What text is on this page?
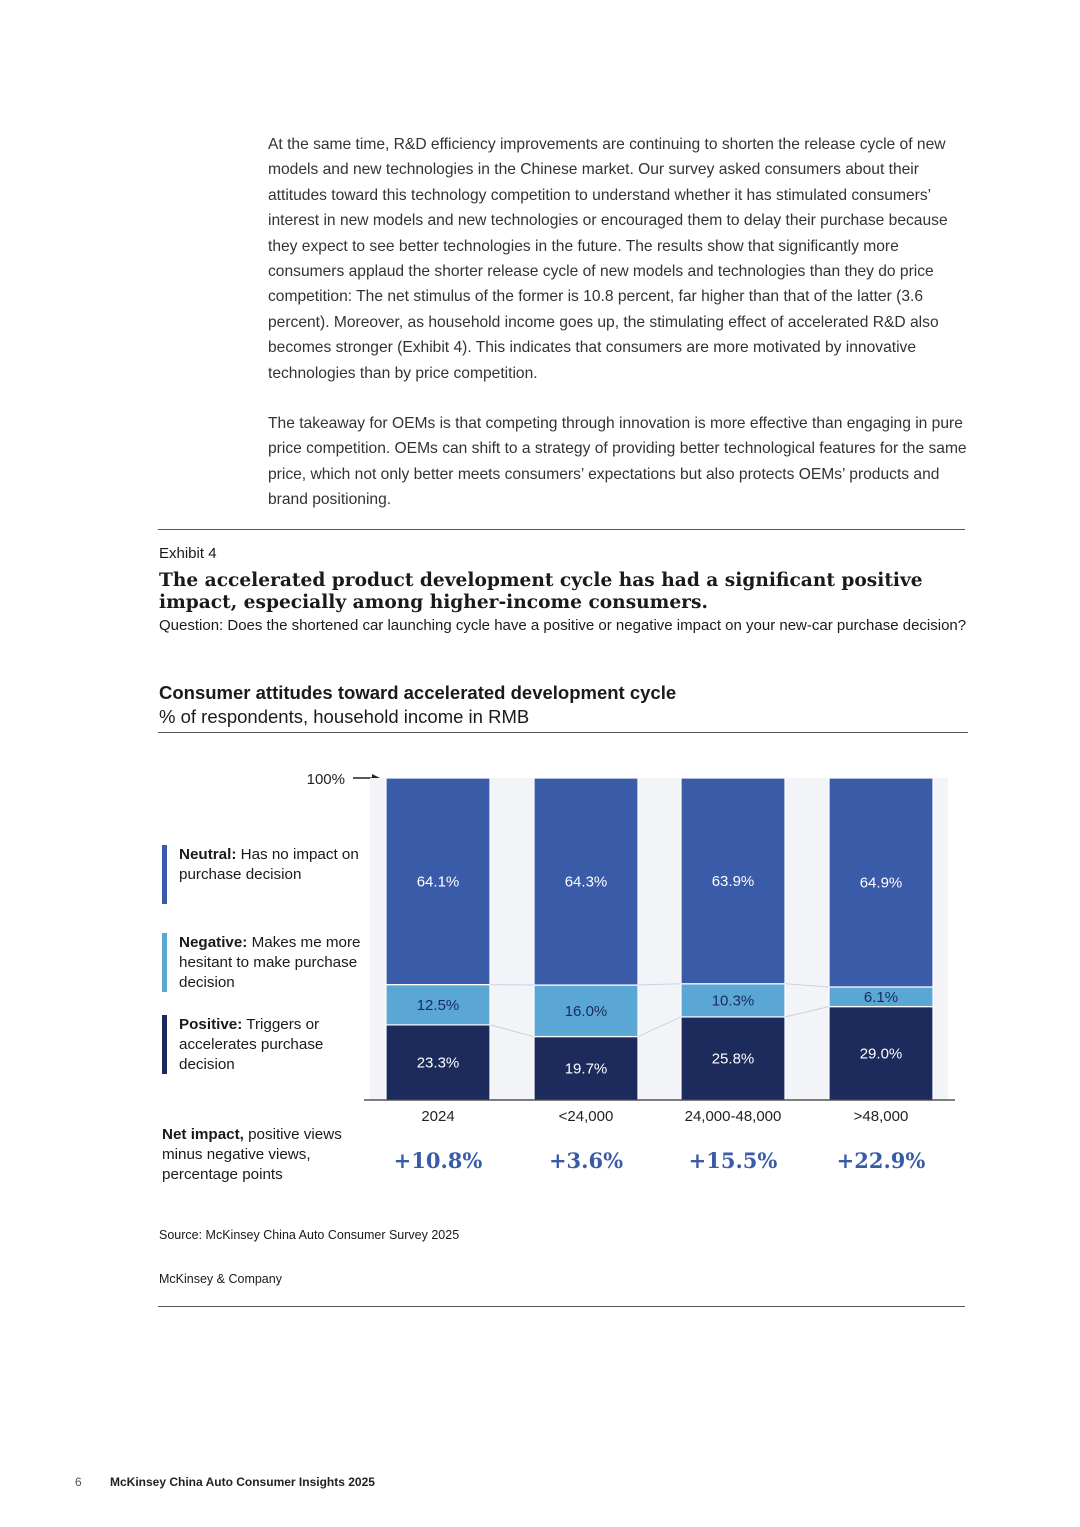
At the same time, R&D efficiency improvements are continuing to shorten the release cycle of new models and new technologies in the Chinese market. Our survey asked consumers about their attitudes toward this technology competition to understand whether it has stimulated consumers’ interest in new models and new technologies or encouraged them to delay their purchase because they expect to see better technologies in the future. The results show that significantly more consumers applaud the shorter release cycle of new models and technologies than they do price competition: The net stimulus of the former is 10.8 percent, far higher than that of the latter (3.6 percent). Moreover, as household income goes up, the stimulating effect of accelerated R&D also becomes stronger (Exhibit 4). This indicates that consumers are more motivated by innovative technologies than by price competition.

The takeaway for OEMs is that competing through innovation is more effective than engaging in pure price competition. OEMs can shift to a strategy of providing better technological features for the same price, which not only better meets consumers’ expectations but also protects OEMs’ products and brand positioning.

Exhibit 4
The accelerated product development cycle has had a significant positive impact, especially among higher-income consumers.
Question: Does the shortened car launching cycle have a positive or negative impact on your new-car purchase decision?
Consumer attitudes toward accelerated development cycle
% of respondents, household income in RMB
Neutral: Has no impact on purchase decision
Negative: Makes me more hesitant to make purchase decision
Positive: Triggers or accelerates purchase decision
Net impact, positive views minus negative views, percentage points
100%
23.3%
12.5%
64.1%
2024
+10.8%
19.7%
16.0%
64.3%
<24,000
+3.6%
25.8%
10.3%
63.9%
24,000-48,000
+15.5%
29.0%
6.1%
64.9%
>48,000
+22.9%
Source: McKinsey China Auto Consumer Survey 2025
McKinsey & Company
6 McKinsey China Auto Consumer Insights 2025
